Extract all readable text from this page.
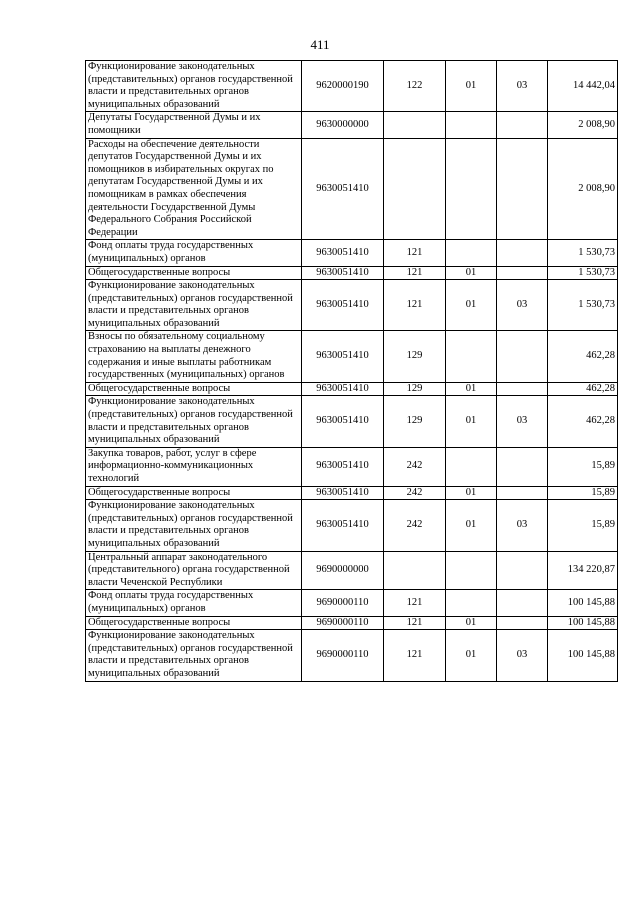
411
Функционирование законодательных (представительных) органов государственной власти и представительных органов муниципальных образований	9620000190	122	01	03	14 442,04
Депутаты Государственной Думы и их помощники	9630000000				2 008,90
Расходы на обеспечение деятельности депутатов Государственной Думы и их помощников в избирательных округах по депутатам Государственной Думы и их помощникам в рамках обеспечения деятельности Государственной Думы Федерального Собрания Российской Федерации	9630051410				2 008,90
Фонд оплаты труда государственных (муниципальных) органов	9630051410	121			1 530,73
Общегосударственные вопросы	9630051410	121	01		1 530,73
Функционирование законодательных (представительных) органов государственной власти и представительных органов муниципальных образований	9630051410	121	01	03	1 530,73
Взносы по обязательному социальному страхованию на выплаты денежного содержания и иные выплаты работникам государственных (муниципальных) органов	9630051410	129			462,28
Общегосударственные вопросы	9630051410	129	01		462,28
Функционирование законодательных (представительных) органов государственной власти и представительных органов муниципальных образований	9630051410	129	01	03	462,28
Закупка товаров, работ, услуг в сфере информационно-коммуникационных технологий	9630051410	242			15,89
Общегосударственные вопросы	9630051410	242	01		15,89
Функционирование законодательных (представительных) органов государственной власти и представительных органов муниципальных образований	9630051410	242	01	03	15,89
Центральный аппарат законодательного (представительного) органа государственной власти Чеченской Республики	9690000000				134 220,87
Фонд оплаты труда государственных (муниципальных) органов	9690000110	121			100 145,88
Общегосударственные вопросы	9690000110	121	01		100 145,88
Функционирование законодательных (представительных) органов государственной власти и представительных органов муниципальных образований	9690000110	121	01	03	100 145,88
